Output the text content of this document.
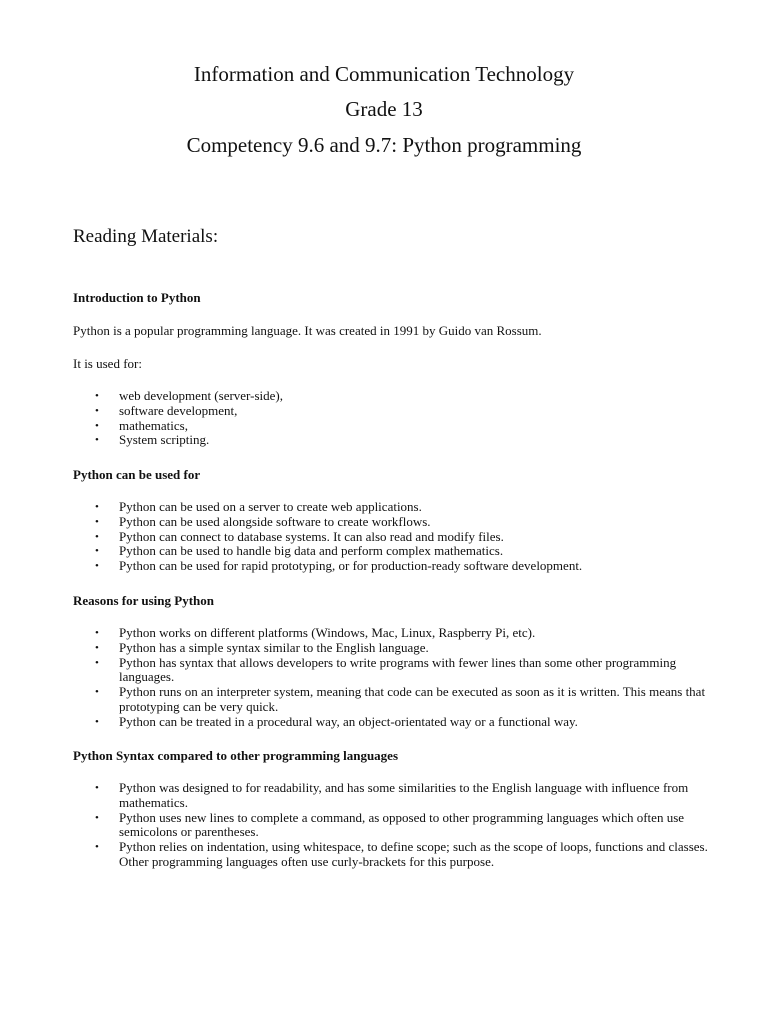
Information and Communication Technology
Grade 13
Competency 9.6 and 9.7: Python programming
Reading Materials:
Introduction to Python

Python is a popular programming language. It was created in 1991 by Guido van Rossum.

It is used for:

• web development (server-side),
• software development,
• mathematics,
• System scripting.
Python can be used for
• Python can be used on a server to create web applications.
• Python can be used alongside software to create workflows.
• Python can connect to database systems. It can also read and modify files.
• Python can be used to handle big data and perform complex mathematics.
• Python can be used for rapid prototyping, or for production-ready software development.
Reasons for using Python
• Python works on different platforms (Windows, Mac, Linux, Raspberry Pi, etc).
• Python has a simple syntax similar to the English language.
• Python has syntax that allows developers to write programs with fewer lines than some other programming languages.
• Python runs on an interpreter system, meaning that code can be executed as soon as it is written. This means that prototyping can be very quick.
• Python can be treated in a procedural way, an object-orientated way or a functional way.
Python Syntax compared to other programming languages
• Python was designed to for readability, and has some similarities to the English language with influence from mathematics.
• Python uses new lines to complete a command, as opposed to other programming languages which often use semicolons or parentheses.
• Python relies on indentation, using whitespace, to define scope; such as the scope of loops, functions and classes. Other programming languages often use curly-brackets for this purpose.
